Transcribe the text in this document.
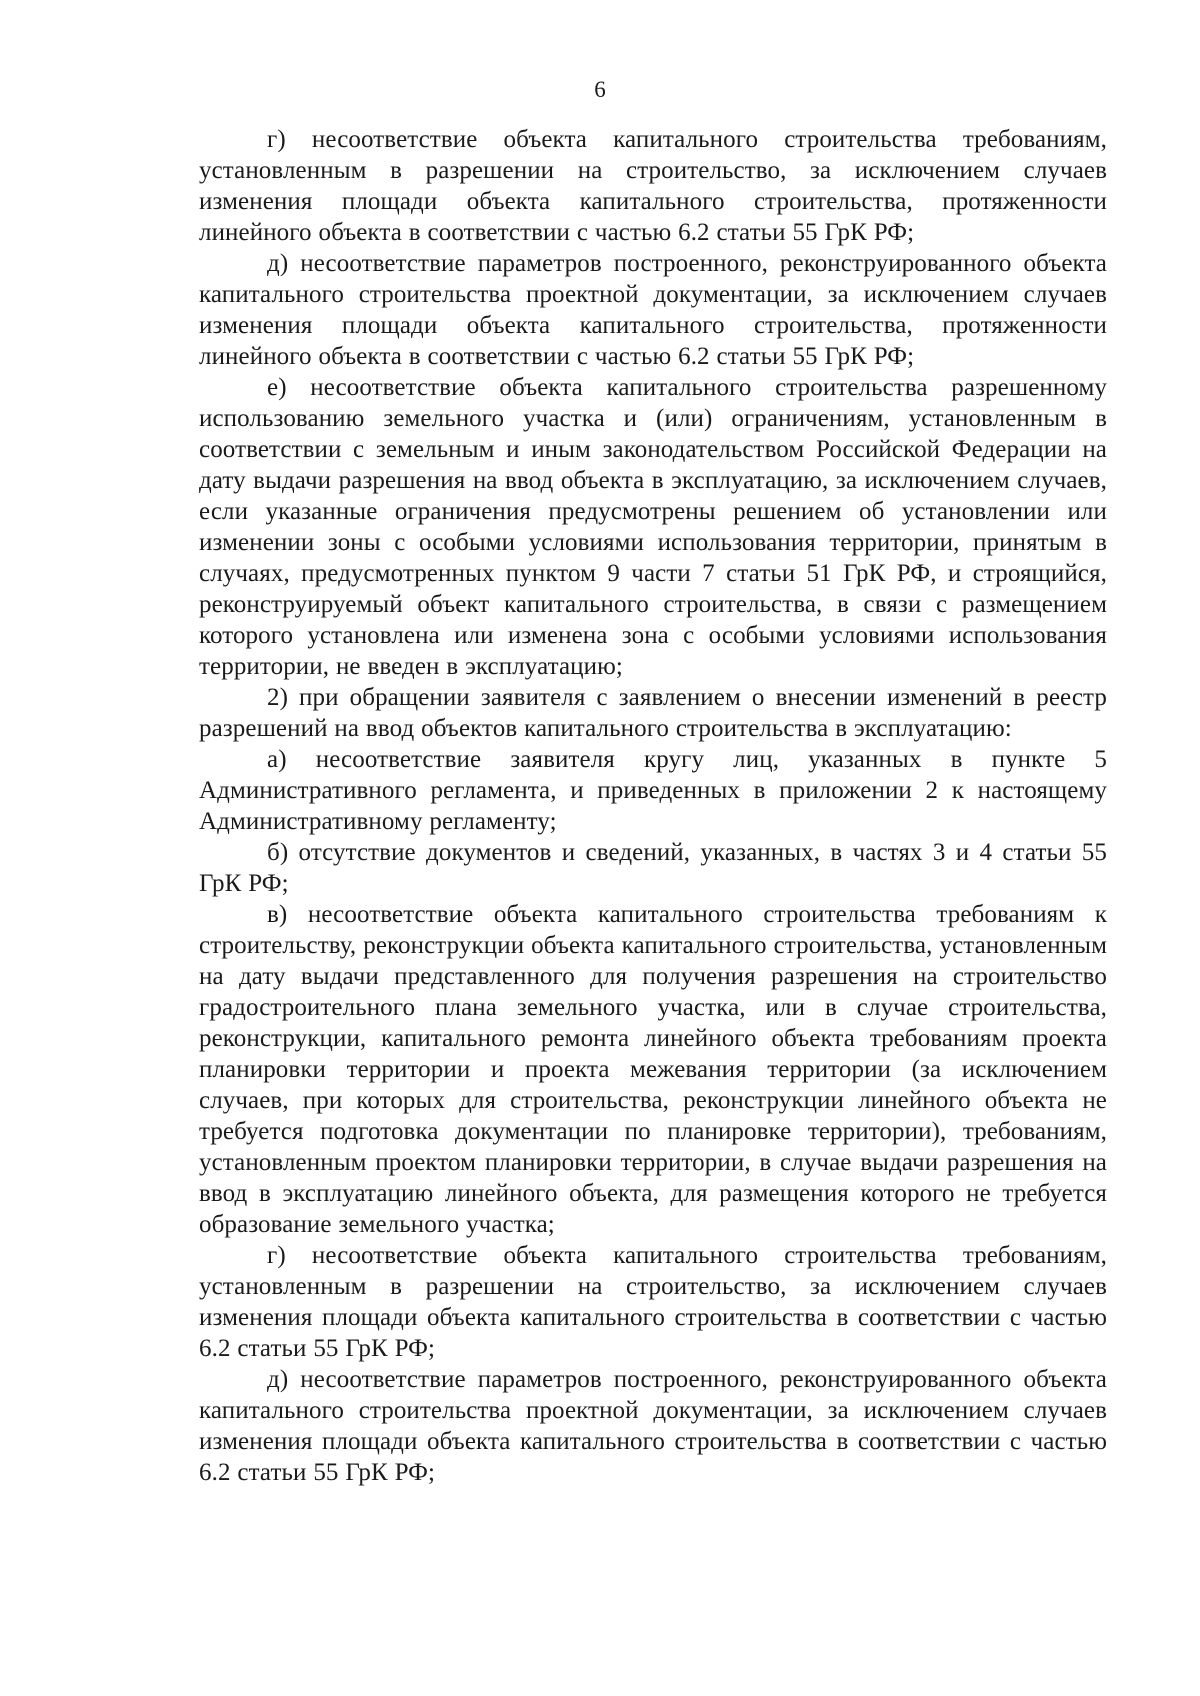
6

г) несоответствие объекта капитального строительства требованиям, установленным в разрешении на строительство, за исключением случаев изменения площади объекта капитального строительства, протяженности линейного объекта в соответствии с частью 6.2 статьи 55 ГрК РФ;

д) несоответствие параметров построенного, реконструированного объекта капитального строительства проектной документации, за исключением случаев изменения площади объекта капитального строительства, протяженности линейного объекта в соответствии с частью 6.2 статьи 55 ГрК РФ;

е) несоответствие объекта капитального строительства разрешенному использованию земельного участка и (или) ограничениям, установленным в соответствии с земельным и иным законодательством Российской Федерации на дату выдачи разрешения на ввод объекта в эксплуатацию, за исключением случаев, если указанные ограничения предусмотрены решением об установлении или изменении зоны с особыми условиями использования территории, принятым в случаях, предусмотренных пунктом 9 части 7 статьи 51 ГрК РФ, и строящийся, реконструируемый объект капитального строительства, в связи с размещением которого установлена или изменена зона с особыми условиями использования территории, не введен в эксплуатацию;

2) при обращении заявителя с заявлением о внесении изменений в реестр разрешений на ввод объектов капитального строительства в эксплуатацию:

а) несоответствие заявителя кругу лиц, указанных в пункте 5 Административного регламента, и приведенных в приложении 2 к настоящему Административному регламенту;

б) отсутствие документов и сведений, указанных, в частях 3 и 4 статьи 55 ГрК РФ;

в) несоответствие объекта капитального строительства требованиям к строительству, реконструкции объекта капитального строительства, установленным на дату выдачи представленного для получения разрешения на строительство градостроительного плана земельного участка, или в случае строительства, реконструкции, капитального ремонта линейного объекта требованиям проекта планировки территории и проекта межевания территории (за исключением случаев, при которых для строительства, реконструкции линейного объекта не требуется подготовка документации по планировке территории), требованиям, установленным проектом планировки территории, в случае выдачи разрешения на ввод в эксплуатацию линейного объекта, для размещения которого не требуется образование земельного участка;

г) несоответствие объекта капитального строительства требованиям, установленным в разрешении на строительство, за исключением случаев изменения площади объекта капитального строительства в соответствии с частью 6.2 статьи 55 ГрК РФ;

д) несоответствие параметров построенного, реконструированного объекта капитального строительства проектной документации, за исключением случаев изменения площади объекта капитального строительства в соответствии с частью 6.2 статьи 55 ГрК РФ;
